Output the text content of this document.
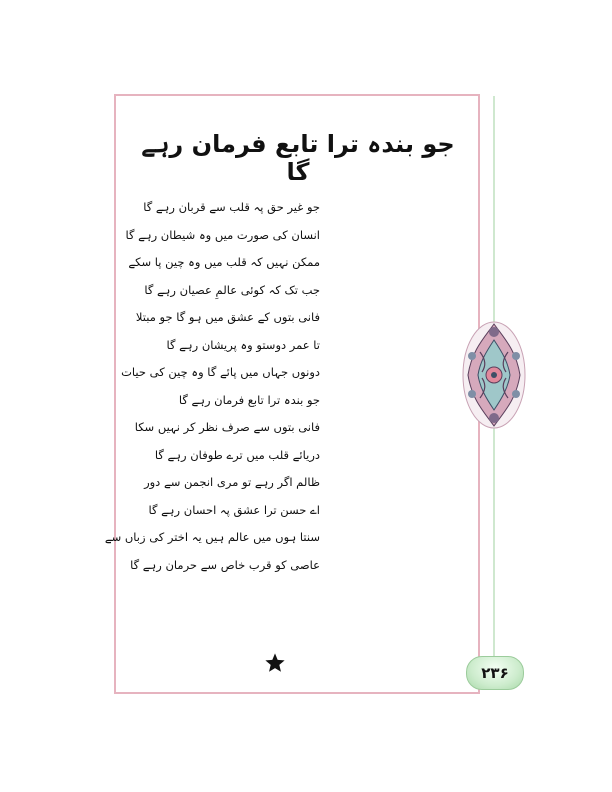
جو بندہ ترا تابع فرمان رہے گا
جو غیر حق پہ قلب سے قربان رہے گا
انسان کی صورت میں وہ شیطان رہے گا
ممکن نہیں کہ قلب میں وہ چین پا سکے
جب تک کہ کوئی عالمِ عصیان رہے گا
فانی بتوں کے عشق میں ہو گا جو مبتلا
تا عمر دوستو وہ پریشان رہے گا
دونوں جہاں میں پائے گا وہ چین کی حیات
جو بندہ ترا تابع فرمان رہے گا
فانی بتوں سے صرف نظر کر نہیں سکا
دریائے قلب میں ترے طوفان رہے گا
ظالم اگر رہے تو مری انجمن سے دور
اے حسن ترا عشق پہ احسان رہے گا
سنتا ہوں میں عالم ہیں یہ اختر کی زباں سے
عاصی کو قرب خاص سے حرمان رہے گا
۲۳۶
